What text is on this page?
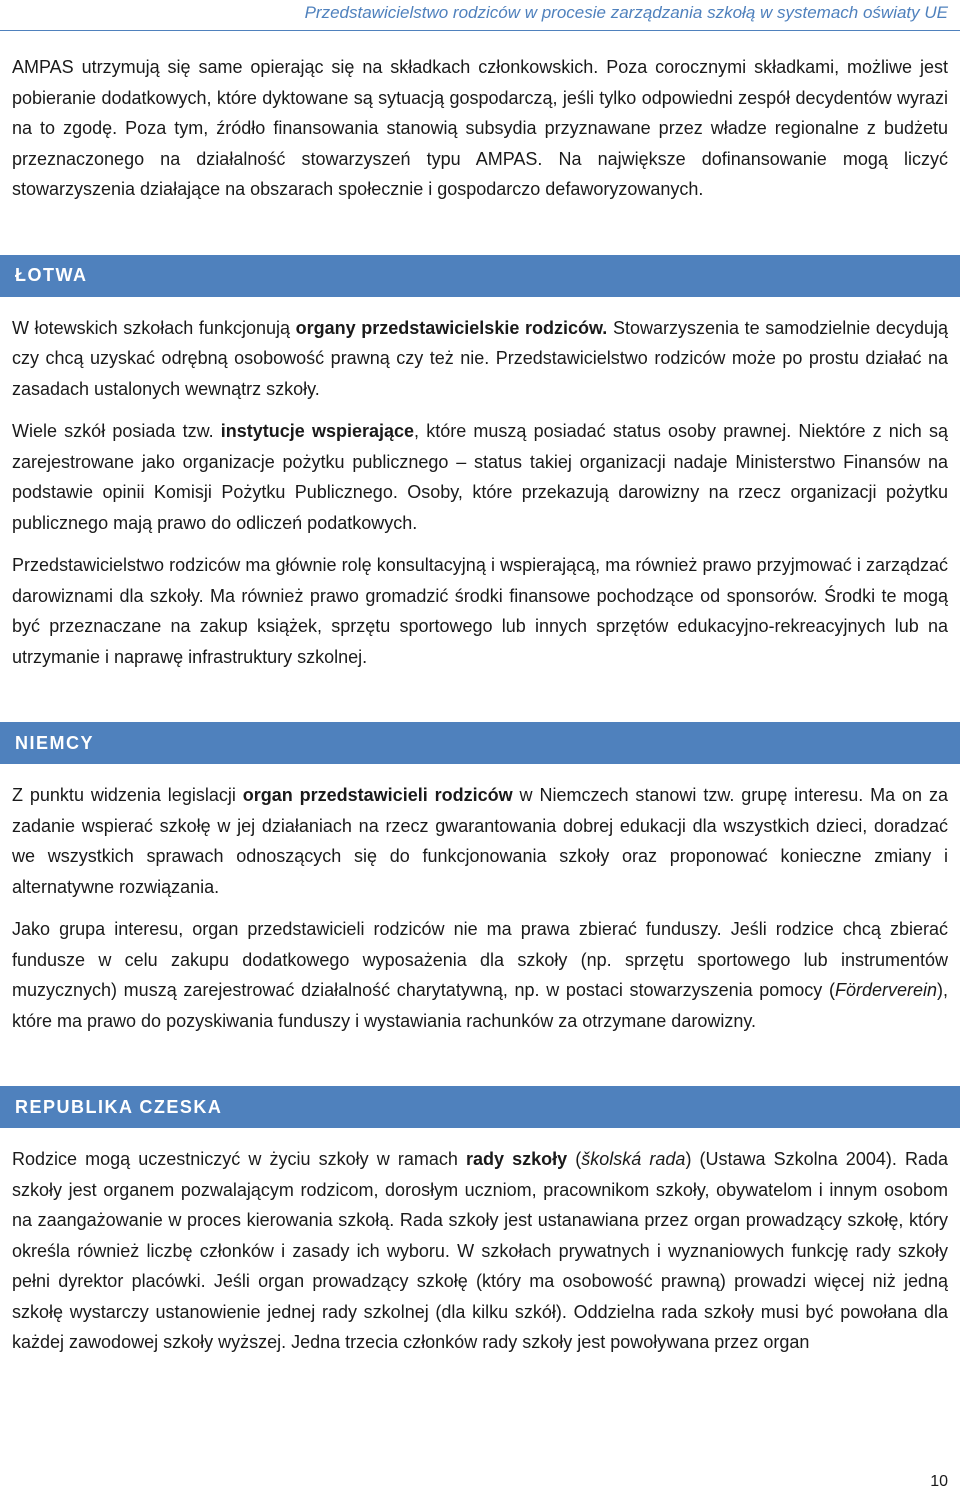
Przedstawicielstwo rodziców w procesie zarządzania szkołą w systemach oświaty UE

AMPAS utrzymują się same opierając się na składkach członkowskich. Poza corocznymi składkami, możliwe jest pobieranie dodatkowych, które dyktowane są sytuacją gospodarczą, jeśli tylko odpowiedni zespół decydentów wyrazi na to zgodę. Poza tym, źródło finansowania stanowią subsydia przyznawane przez władze regionalne z budżetu przeznaczonego na działalność stowarzyszeń typu AMPAS. Na największe dofinansowanie mogą liczyć stowarzyszenia działające na obszarach społecznie i gospodarczo defaworyzowanych.

ŁOTWA

W łotewskich szkołach funkcjonują organy przedstawicielskie rodziców. Stowarzyszenia te samodzielnie decydują czy chcą uzyskać odrębną osobowość prawną czy też nie. Przedstawicielstwo rodziców może po prostu działać na zasadach ustalonych wewnątrz szkoły.

Wiele szkół posiada tzw. instytucje wspierające, które muszą posiadać status osoby prawnej. Niektóre z nich są zarejestrowane jako organizacje pożytku publicznego – status takiej organizacji nadaje Ministerstwo Finansów na podstawie opinii Komisji Pożytku Publicznego. Osoby, które przekazują darowizny na rzecz organizacji pożytku publicznego mają prawo do odliczeń podatkowych.

Przedstawicielstwo rodziców ma głównie rolę konsultacyjną i wspierającą, ma również prawo przyjmować i zarządzać darowiznami dla szkoły. Ma również prawo gromadzić środki finansowe pochodzące od sponsorów. Środki te mogą być przeznaczane na zakup książek, sprzętu sportowego lub innych sprzętów edukacyjno-rekreacyjnych lub na utrzymanie i naprawę infrastruktury szkolnej.

NIEMCY

Z punktu widzenia legislacji organ przedstawicieli rodziców w Niemczech stanowi tzw. grupę interesu. Ma on za zadanie wspierać szkołę w jej działaniach na rzecz gwarantowania dobrej edukacji dla wszystkich dzieci, doradzać we wszystkich sprawach odnoszących się do funkcjonowania szkoły oraz proponować konieczne zmiany i alternatywne rozwiązania.

Jako grupa interesu, organ przedstawicieli rodziców nie ma prawa zbierać funduszy. Jeśli rodzice chcą zbierać fundusze w celu zakupu dodatkowego wyposażenia dla szkoły (np. sprzętu sportowego lub instrumentów muzycznych) muszą zarejestrować działalność charytatywną, np. w postaci stowarzyszenia pomocy (Förderverein), które ma prawo do pozyskiwania funduszy i wystawiania rachunków za otrzymane darowizny.

REPUBLIKA CZESKA

Rodzice mogą uczestniczyć w życiu szkoły w ramach rady szkoły (školská rada) (Ustawa Szkolna 2004). Rada szkoły jest organem pozwalającym rodzicom, dorosłym uczniom, pracownikom szkoły, obywatelom i innym osobom na zaangażowanie w proces kierowania szkołą. Rada szkoły jest ustanawiana przez organ prowadzący szkołę, który określa również liczbę członków i zasady ich wyboru. W szkołach prywatnych i wyznaniowych funkcję rady szkoły pełni dyrektor placówki. Jeśli organ prowadzący szkołę (który ma osobowość prawną) prowadzi więcej niż jedną szkołę wystarczy ustanowienie jednej rady szkolnej (dla kilku szkół). Oddzielna rada szkoły musi być powołana dla każdej zawodowej szkoły wyższej. Jedna trzecia członków rady szkoły jest powoływana przez organ

10
